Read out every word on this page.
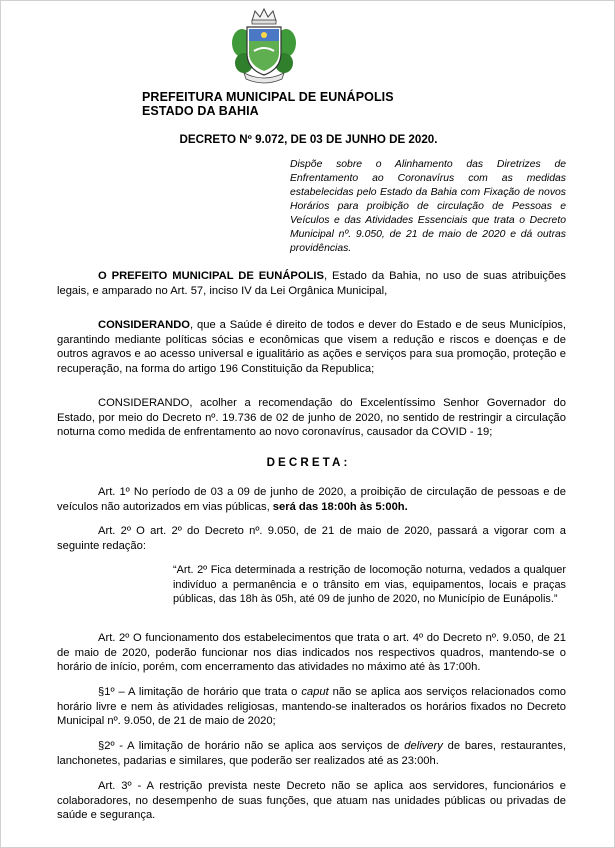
PREFEITURA MUNICIPAL DE EUNÁPOLIS
ESTADO DA BAHIA
DECRETO Nº 9.072, DE 03 DE JUNHO DE 2020.
Dispõe sobre o Alinhamento das Diretrizes de Enfrentamento ao Coronavírus com as medidas estabelecidas pelo Estado da Bahia com Fixação de novos Horários para proibição de circulação de Pessoas e Veículos e das Atividades Essenciais que trata o Decreto Municipal nº. 9.050, de 21 de maio de 2020 e dá outras providências.
O PREFEITO MUNICIPAL DE EUNÁPOLIS, Estado da Bahia, no uso de suas atribuições legais, e amparado no Art. 57, inciso IV da Lei Orgânica Municipal,
CONSIDERANDO, que a Saúde é direito de todos e dever do Estado e de seus Municípios, garantindo mediante políticas sócias e econômicas que visem a redução e riscos e doenças e de outros agravos e ao acesso universal e igualitário as ações e serviços para sua promoção, proteção e recuperação, na forma do artigo 196 Constituição da Republica;
CONSIDERANDO, acolher a recomendação do Excelentíssimo Senhor Governador do Estado, por meio do Decreto nº. 19.736 de 02 de junho de 2020, no sentido de restringir a circulação noturna como medida de enfrentamento ao novo coronavírus, causador da COVID - 19;
DECRETA:
Art. 1º No período de 03 a 09 de junho de 2020, a proibição de circulação de pessoas e de veículos não autorizados em vias públicas, será das 18:00h às 5:00h.
Art. 2º O art. 2º do Decreto nº. 9.050, de 21 de maio de 2020, passará a vigorar com a seguinte redação:
“Art. 2º Fica determinada a restrição de locomoção noturna, vedados a qualquer indivíduo a permanência e o trânsito em vias, equipamentos, locais e praças públicas, das 18h às 05h, até 09 de junho de 2020, no Município de Eunápolis.”
Art. 2º O funcionamento dos estabelecimentos que trata o art. 4º do Decreto nº. 9.050, de 21 de maio de 2020, poderão funcionar nos dias indicados nos respectivos quadros, mantendo-se o horário de início, porém, com encerramento das atividades no máximo até às 17:00h.
§1º – A limitação de horário que trata o caput não se aplica aos serviços relacionados como horário livre e nem às atividades religiosas, mantendo-se inalterados os horários fixados no Decreto Municipal nº. 9.050, de 21 de maio de 2020;
§2º - A limitação de horário não se aplica aos serviços de delivery de bares, restaurantes, lanchonetes, padarias e similares, que poderão ser realizados até as 23:00h.
Art. 3º - A restrição prevista neste Decreto não se aplica aos servidores, funcionários e colaboradores, no desempenho de suas funções, que atuam nas unidades públicas ou privadas de saúde e segurança.
